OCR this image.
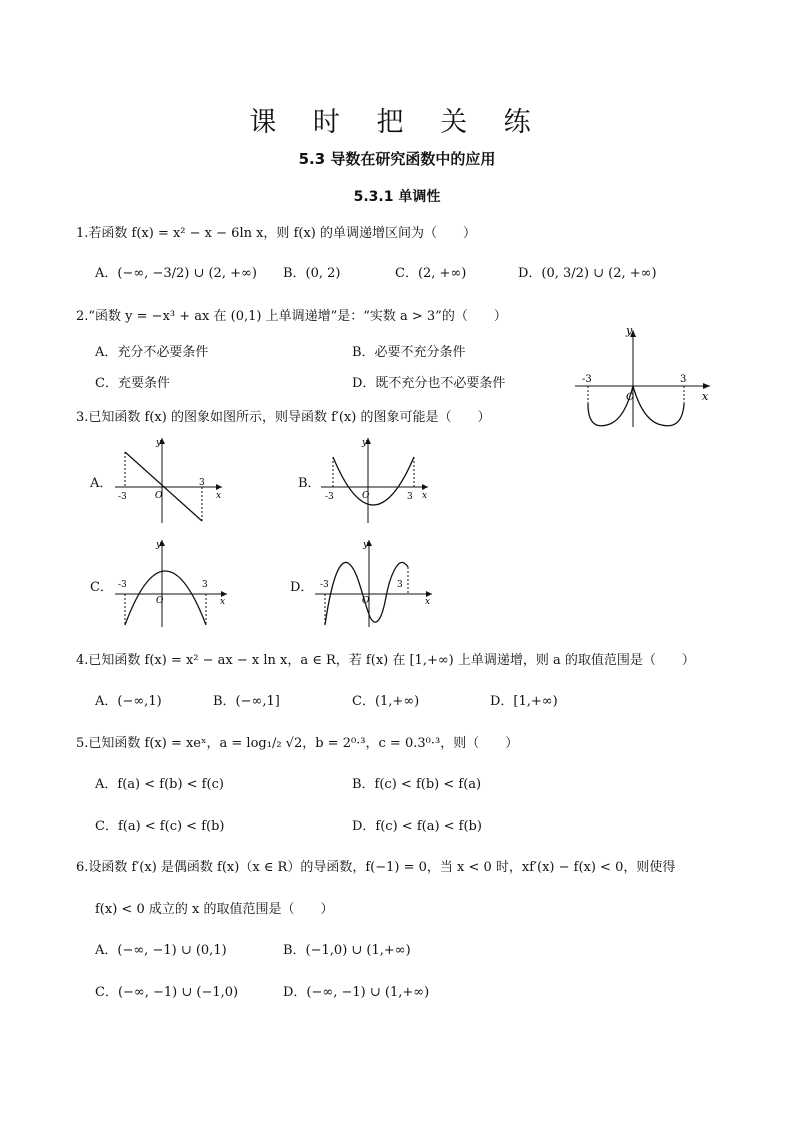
课 时 把 关 练
5.3 导数在研究函数中的应用
5.3.1 单调性
1.若函数 f(x) = x² − x − 6ln x，则 f(x) 的单调递增区间为（　　）
A．(−∞, −3/2) ∪ (2, +∞) B．(0, 2)	C．(2, +∞)	D．(0, 3/2) ∪ (2, +∞)
2.“函数 y = −x³ + ax 在 (0,1) 上单调递增”是：“实数 a > 3”的（　　）
A．充分不必要条件	B．必要不充分条件
C．充要条件	D．既不充分也不必要条件
y
x
O
-3	3
3.已知函数 f(x) 的图象如图所示，则导函数 f′(x) 的图象可能是（　　）
A．
y
x
O
-3
3	B．
y
x
O
-3	3
C．
y
x
O
-3	3	D．
y
x
O
-3	3
4.已知函数 f(x) = x² − ax − x ln x，a ∈ R，若 f(x) 在 [1,+∞) 上单调递增，则 a 的取值范围是（　　）
A．(−∞,1)	B．(−∞,1]	C．(1,+∞)	D．[1,+∞)
5.已知函数 f(x) = xeˣ，a = log₁/₂ √2，b = 2⁰·³，c = 0.3⁰·³，则（　　）
A．f(a) < f(b) < f(c)	B．f(c) < f(b) < f(a)
C．f(a) < f(c) < f(b)	D．f(c) < f(a) < f(b)
6.设函数 f′(x) 是偶函数 f(x)（x ∈ R）的导函数，f(−1) = 0，当 x < 0 时，xf′(x) − f(x) < 0，则使得
f(x) < 0 成立的 x 的取值范围是（　　）
A．(−∞, −1) ∪ (0,1)	B．(−1,0) ∪ (1,+∞)
C．(−∞, −1) ∪ (−1,0)	D．(−∞, −1) ∪ (1,+∞)
